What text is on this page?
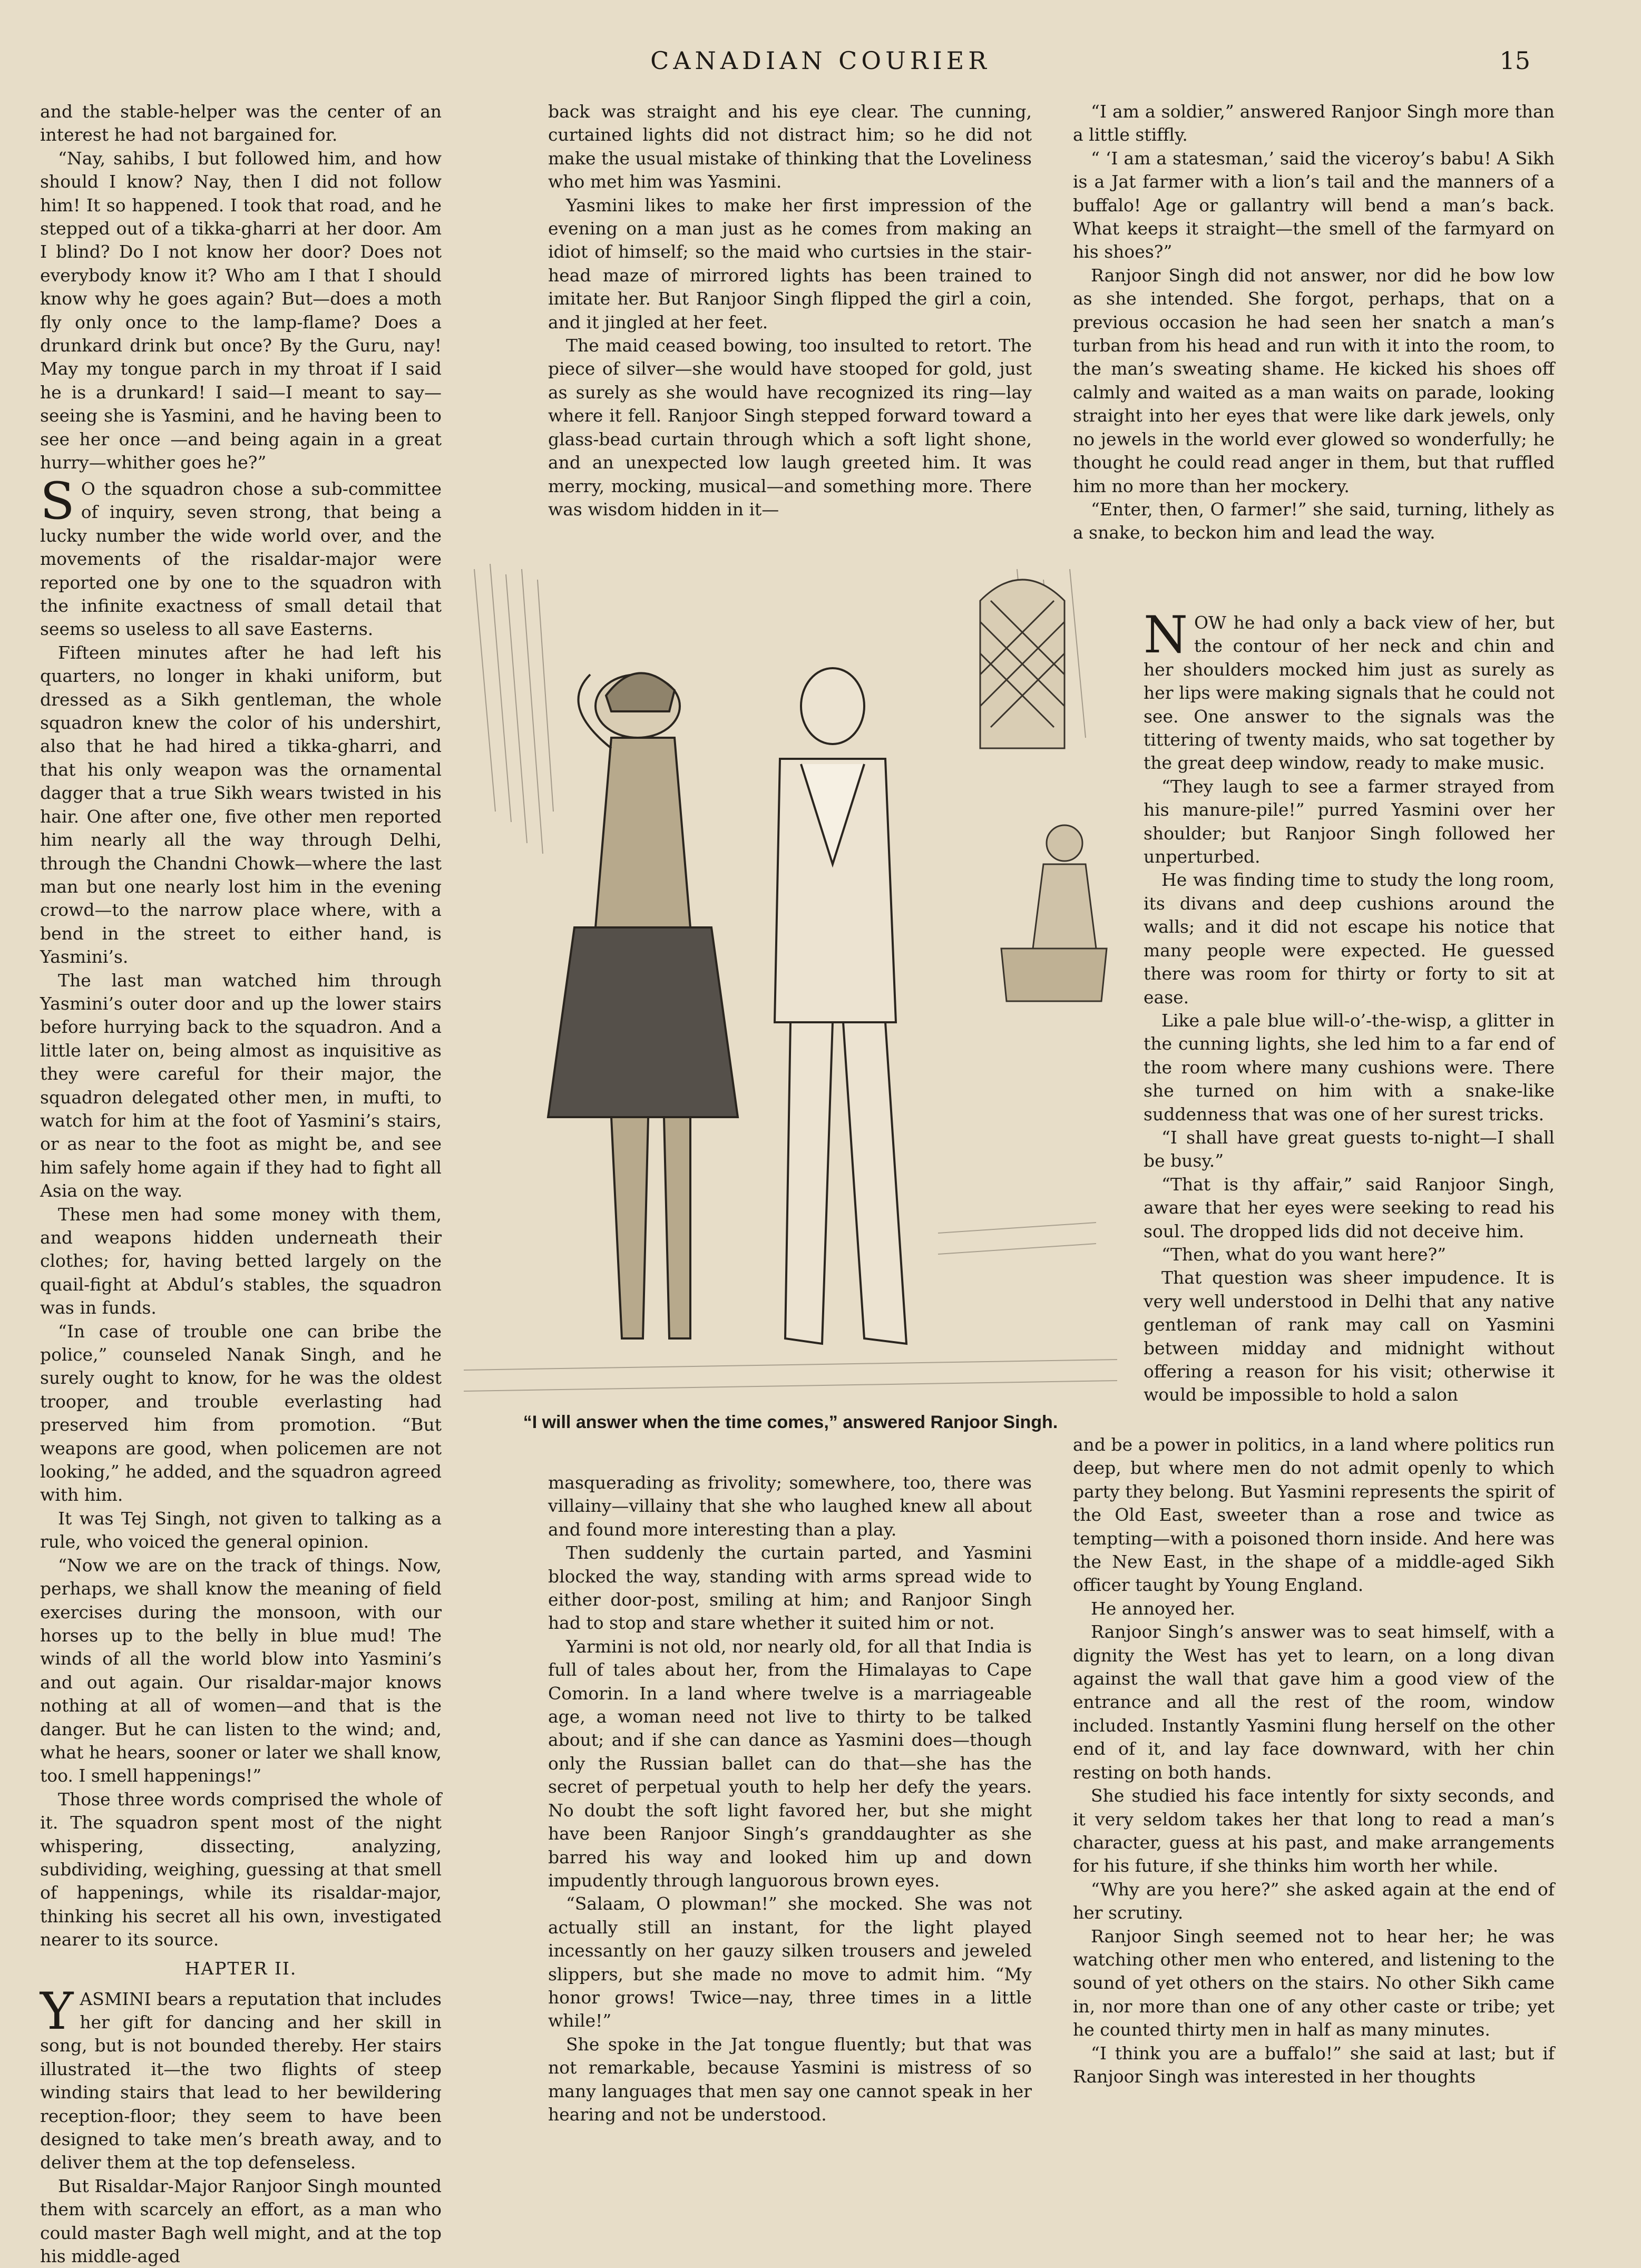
CANADIAN COURIER	15

and the stable-helper was the center of an interest he had not bargained for.

“Nay, sahibs, I but followed him, and how should I know? Nay, then I did not follow him! It so happened. I took that road, and he stepped out of a tikka-gharri at her door. Am I blind? Do I not know her door? Does not everybody know it? Who am I that I should know why he goes again? But—does a moth fly only once to the lamp-flame? Does a drunkard drink but once? By the Guru, nay! May my tongue parch in my throat if I said he is a drunkard! I said—I meant to say—seeing she is Yasmini, and he having been to see her once —and being again in a great hurry—whither goes he?”

SO the squadron chose a sub-committee of inquiry, seven strong, that being a lucky number the wide world over, and the movements of the risaldar-major were reported one by one to the squadron with the infinite exactness of small detail that seems so useless to all save Easterns.

Fifteen minutes after he had left his quarters, no longer in khaki uniform, but dressed as a Sikh gentleman, the whole squadron knew the color of his undershirt, also that he had hired a tikka-gharri, and that his only weapon was the ornamental dagger that a true Sikh wears twisted in his hair. One after one, five other men reported him nearly all the way through Delhi, through the Chandni Chowk—where the last man but one nearly lost him in the evening crowd—to the narrow place where, with a bend in the street to either hand, is Yasmini’s.

The last man watched him through Yasmini’s outer door and up the lower stairs before hurrying back to the squadron. And a little later on, being almost as inquisitive as they were careful for their major, the squadron delegated other men, in mufti, to watch for him at the foot of Yasmini’s stairs, or as near to the foot as might be, and see him safely home again if they had to fight all Asia on the way.

These men had some money with them, and weapons hidden underneath their clothes; for, having betted largely on the quail-fight at Abdul’s stables, the squadron was in funds.

“In case of trouble one can bribe the police,” counseled Nanak Singh, and he surely ought to know, for he was the oldest trooper, and trouble everlasting had preserved him from promotion. “But weapons are good, when policemen are not looking,” he added, and the squadron agreed with him.

It was Tej Singh, not given to talking as a rule, who voiced the general opinion.

“Now we are on the track of things. Now, perhaps, we shall know the meaning of field exercises during the monsoon, with our horses up to the belly in blue mud! The winds of all the world blow into Yasmini’s and out again. Our risaldar-major knows nothing at all of women—and that is the danger. But he can listen to the wind; and, what he hears, sooner or later we shall know, too. I smell happenings!”

Those three words comprised the whole of it. The squadron spent most of the night whispering, dissecting, analyzing, subdividing, weighing, guessing at that smell of happenings, while its risaldar-major, thinking his secret all his own, investigated nearer to its source.

HAPTER II.

YASMINI bears a reputation that includes her gift for dancing and her skill in song, but is not bounded thereby. Her stairs illustrated it—the two flights of steep winding stairs that lead to her bewildering reception-floor; they seem to have been designed to take men’s breath away, and to deliver them at the top defenseless.

But Risaldar-Major Ranjoor Singh mounted them with scarcely an effort, as a man who could master Bagh well might, and at the top his middle-aged

back was straight and his eye clear. The cunning, curtained lights did not distract him; so he did not make the usual mistake of thinking that the Loveliness who met him was Yasmini.

Yasmini likes to make her first impression of the evening on a man just as he comes from making an idiot of himself; so the maid who curtsies in the stair-head maze of mirrored lights has been trained to imitate her. But Ranjoor Singh flipped the girl a coin, and it jingled at her feet.

The maid ceased bowing, too insulted to retort. The piece of silver—she would have stooped for gold, just as surely as she would have recognized its ring—lay where it fell. Ranjoor Singh stepped forward toward a glass-bead curtain through which a soft light shone, and an unexpected low laugh greeted him. It was merry, mocking, musical—and something more. There was wisdom hidden in it—

“I will answer when the time comes,” answered Ranjoor Singh.

masquerading as frivolity; somewhere, too, there was villainy—villainy that she who laughed knew all about and found more interesting than a play.

Then suddenly the curtain parted, and Yasmini blocked the way, standing with arms spread wide to either door-post, smiling at him; and Ranjoor Singh had to stop and stare whether it suited him or not.

Yarmini is not old, nor nearly old, for all that India is full of tales about her, from the Himalayas to Cape Comorin. In a land where twelve is a marriageable age, a woman need not live to thirty to be talked about; and if she can dance as Yasmini does—though only the Russian ballet can do that—she has the secret of perpetual youth to help her defy the years. No doubt the soft light favored her, but she might have been Ranjoor Singh’s granddaughter as she barred his way and looked him up and down impudently through languorous brown eyes.

“Salaam, O plowman!” she mocked. She was not actually still an instant, for the light played incessantly on her gauzy silken trousers and jeweled slippers, but she made no move to admit him. “My honor grows! Twice—nay, three times in a little while!”

She spoke in the Jat tongue fluently; but that was not remarkable, because Yasmini is mistress of so many languages that men say one cannot speak in her hearing and not be understood.

“I am a soldier,” answered Ranjoor Singh more than a little stiffly.

“ ‘I am a statesman,’ said the viceroy’s babu! A Sikh is a Jat farmer with a lion’s tail and the manners of a buffalo! Age or gallantry will bend a man’s back. What keeps it straight—the smell of the farmyard on his shoes?”

Ranjoor Singh did not answer, nor did he bow low as she intended. She forgot, perhaps, that on a previous occasion he had seen her snatch a man’s turban from his head and run with it into the room, to the man’s sweating shame. He kicked his shoes off calmly and waited as a man waits on parade, looking straight into her eyes that were like dark jewels, only no jewels in the world ever glowed so wonderfully; he thought he could read anger in them, but that ruffled him no more than her mockery.

“Enter, then, O farmer!” she said, turning, lithely as a snake, to beckon him and lead the way.

NOW he had only a back view of her, but the contour of her neck and chin and her shoulders mocked him just as surely as her lips were making signals that he could not see. One answer to the signals was the tittering of twenty maids, who sat together by the great deep window, ready to make music.

“They laugh to see a farmer strayed from his manure-pile!” purred Yasmini over her shoulder; but Ranjoor Singh followed her unperturbed.

He was finding time to study the long room, its divans and deep cushions around the walls; and it did not escape his notice that many people were expected. He guessed there was room for thirty or forty to sit at ease.

Like a pale blue will-o’-the-wisp, a glitter in the cunning lights, she led him to a far end of the room where many cushions were. There she turned on him with a snake-like suddenness that was one of her surest tricks.

“I shall have great guests to-night—I shall be busy.”

“That is thy affair,” said Ranjoor Singh, aware that her eyes were seeking to read his soul. The dropped lids did not deceive him.

“Then, what do you want here?”

That question was sheer impudence. It is very well understood in Delhi that any native gentleman of rank may call on Yasmini between midday and midnight without offering a reason for his visit; otherwise it would be impossible to hold a salon

and be a power in politics, in a land where politics run deep, but where men do not admit openly to which party they belong. But Yasmini represents the spirit of the Old East, sweeter than a rose and twice as tempting—with a poisoned thorn inside. And here was the New East, in the shape of a middle-aged Sikh officer taught by Young England.

He annoyed her.

Ranjoor Singh’s answer was to seat himself, with a dignity the West has yet to learn, on a long divan against the wall that gave him a good view of the entrance and all the rest of the room, window included. Instantly Yasmini flung herself on the other end of it, and lay face downward, with her chin resting on both hands.

She studied his face intently for sixty seconds, and it very seldom takes her that long to read a man’s character, guess at his past, and make arrangements for his future, if she thinks him worth her while.

“Why are you here?” she asked again at the end of her scrutiny.

Ranjoor Singh seemed not to hear her; he was watching other men who entered, and listening to the sound of yet others on the stairs. No other Sikh came in, nor more than one of any other caste or tribe; yet he counted thirty men in half as many minutes.

“I think you are a buffalo!” she said at last; but if Ranjoor Singh was interested in her thoughts
